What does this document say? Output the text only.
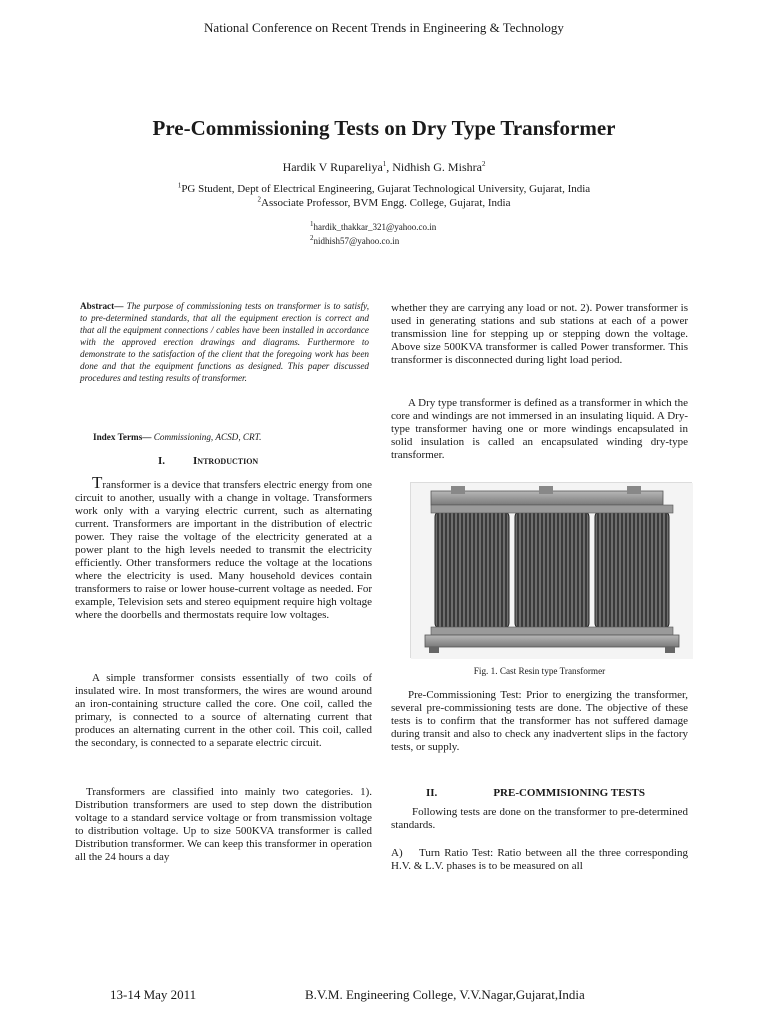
National Conference on Recent Trends in Engineering & Technology
Pre-Commissioning Tests on Dry Type Transformer
Hardik V Rupareliya$^1$, Nidhish G. Mishra$^2$
$^1$PG Student, Dept of Electrical Engineering, Gujarat Technological University, Gujarat, India
$^2$Associate Professor, BVM Engg. College, Gujarat, India
$^1$hardik_thakkar_321@yahoo.co.in
$^2$nidhish57@yahoo.co.in
Abstract— The purpose of commissioning tests on transformer is to satisfy, to pre-determined standards, that all the equipment erection is correct and that all the equipment connections / cables have been installed in accordance with the approved erection drawings and diagrams. Furthermore to demonstrate to the satisfaction of the client that the foregoing work has been done and that the equipment functions as designed. This paper discussed procedures and testing results of transformer.
Index Terms— Commissioning, ACSD, CRT.
I.	Introduction
Transformer is a device that transfers electric energy from one circuit to another, usually with a change in voltage. Transformers work only with a varying electric current, such as alternating current. Transformers are important in the distribution of electric power. They raise the voltage of the electricity generated at a power plant to the high levels needed to transmit the electricity efficiently. Other transformers reduce the voltage at the locations where the electricity is used. Many household devices contain transformers to raise or lower house-current voltage as needed. For example, Television sets and stereo equipment require high voltage where the doorbells and thermostats require low voltages.
A simple transformer consists essentially of two coils of insulated wire. In most transformers, the wires are wound around an iron-containing structure called the core. One coil, called the primary, is connected to a source of alternating current that produces an alternating current in the other coil. This coil, called the secondary, is connected to a separate electric circuit.
Transformers are classified into mainly two categories. 1). Distribution transformers are used to step down the distribution voltage to a standard service voltage or from transmission voltage to distribution voltage. Up to size 500KVA transformer is called Distribution transformer. We can keep this transformer in operation all the 24 hours a day
whether they are carrying any load or not. 2). Power transformer is used in generating stations and sub stations at each of a power transmission line for stepping up or stepping down the voltage. Above size 500KVA transformer is called Power transformer. This transformer is disconnected during light load period.
A Dry type transformer is defined as a transformer in which the core and windings are not immersed in an insulating liquid. A Dry-type transformer having one or more windings encapsulated in solid insulation is called an encapsulated winding dry-type transformer.
Fig. 1. Cast Resin type Transformer
Pre-Commissioning Test: Prior to energizing the transformer, several pre-commissioning tests are done. The objective of these tests is to confirm that the transformer has not suffered damage during transit and also to check any inadvertent slips in the factory tests, or supply.
II.	PRE-COMMISIONING TESTS
Following tests are done on the transformer to pre-determined standards.
A)    Turn Ratio Test: Ratio between all the three corresponding H.V. & L.V. phases is to be measured on all
13-14 May 2011	B.V.M. Engineering College, V.V.Nagar,Gujarat,India
